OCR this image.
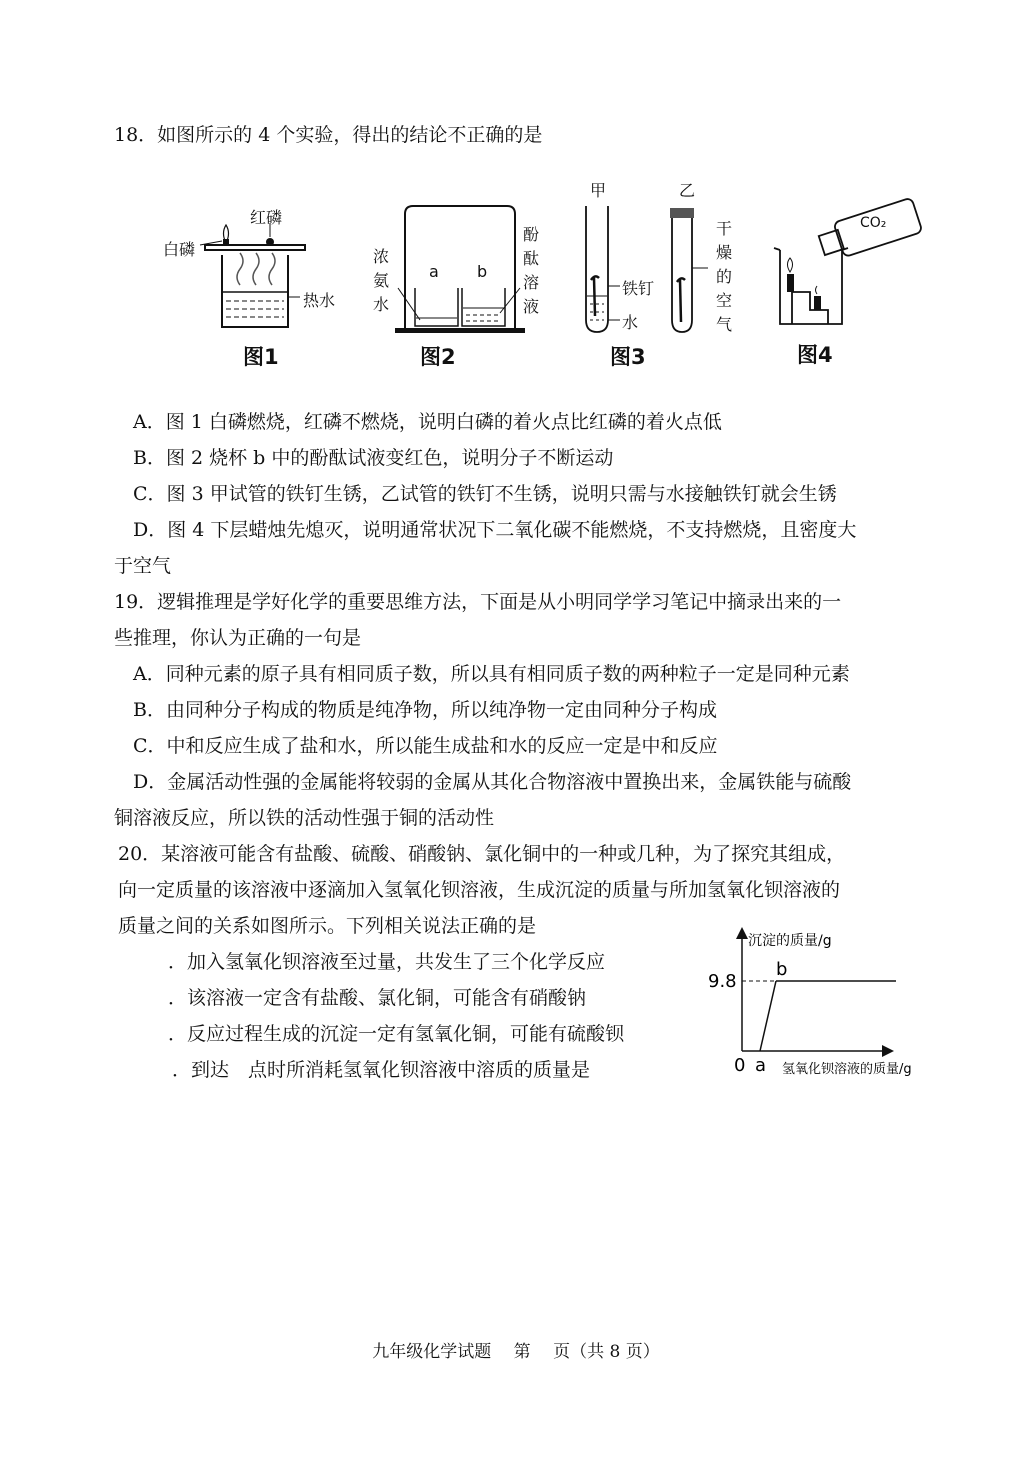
18．如图所示的 4 个实验，得出的结论不正确的是
白磷
红磷
热水
图1
浓
氨
水
a b
酚
酞
溶
液
图2
甲	乙
铁钉
水
干
燥
的
空
气
图3
CO₂
图4
A．图 1 白磷燃烧，红磷不燃烧，说明白磷的着火点比红磷的着火点低
B．图 2 烧杯 b 中的酚酞试液变红色，说明分子不断运动
C．图 3 甲试管的铁钉生锈，乙试管的铁钉不生锈，说明只需与水接触铁钉就会生锈
D．图 4 下层蜡烛先熄灭，说明通常状况下二氧化碳不能燃烧，不支持燃烧，且密度大
于空气
19．逻辑推理是学好化学的重要思维方法，下面是从小明同学学习笔记中摘录出来的一
些推理，你认为正确的一句是
A．同种元素的原子具有相同质子数，所以具有相同质子数的两种粒子一定是同种元素
B．由同种分子构成的物质是纯净物，所以纯净物一定由同种分子构成
C．中和反应生成了盐和水，所以能生成盐和水的反应一定是中和反应
D．金属活动性强的金属能将较弱的金属从其化合物溶液中置换出来，金属铁能与硫酸
铜溶液反应，所以铁的活动性强于铜的活动性
20．某溶液可能含有盐酸、硫酸、硝酸钠、氯化铜中的一种或几种，为了探究其组成，
向一定质量的该溶液中逐滴加入氢氧化钡溶液，生成沉淀的质量与所加氢氧化钡溶液的
质量之间的关系如图所示。下列相关说法正确的是
．加入氢氧化钡溶液至过量，共发生了三个化学反应
．该溶液一定含有盐酸、氯化铜，可能含有硝酸钠
．反应过程生成的沉淀一定有氢氧化铜，可能有硫酸钡
．到达　点时所消耗氢氧化钡溶液中溶质的质量是
沉淀的质量/g
9.8
b
0 a 氢氧化钡溶液的质量/g
九年级化学试题　 第　 页（共 8 页）
